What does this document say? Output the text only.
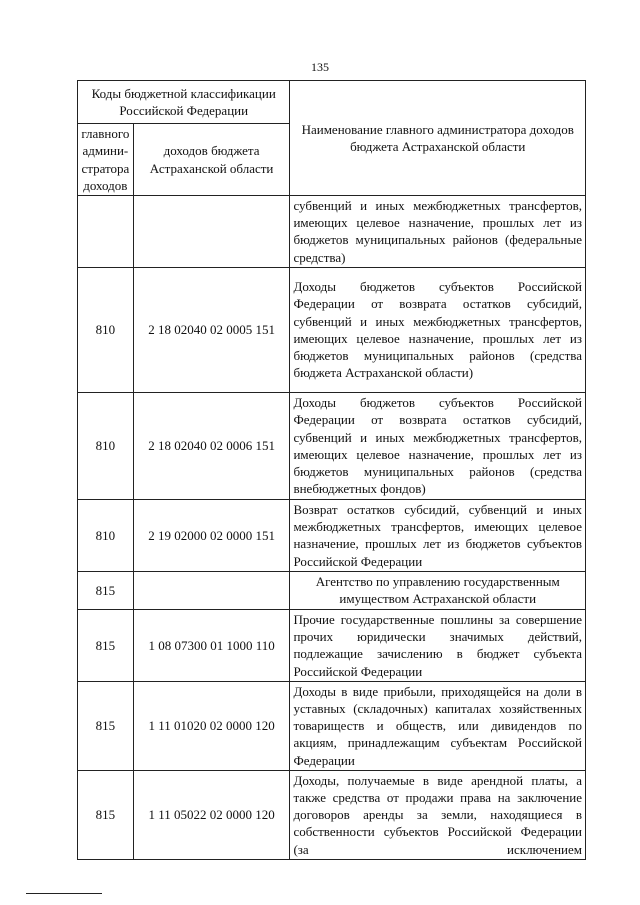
135
Коды бюджетной классификации Российской Федерации		Наименование главного администратора доходов бюджета Астраханской области
главного админи-стратора доходов	доходов бюджета Астраханской области	
		субвенций и иных межбюджетных трансфертов, имеющих целевое назначение, прошлых лет из бюджетов муниципальных районов (федеральные средства)
810	2 18 02040 02 0005 151	Доходы бюджетов субъектов Российской Федерации от возврата остатков субсидий, субвенций и иных межбюджетных трансфертов, имеющих целевое назначение, прошлых лет из бюджетов муниципальных районов (средства бюджета Астраханской области)
810	2 18 02040 02 0006 151	Доходы бюджетов субъектов Российской Федерации от возврата остатков субсидий, субвенций и иных межбюджетных трансфертов, имеющих целевое назначение, прошлых лет из бюджетов муниципальных районов (средства внебюджетных фондов)
810	2 19 02000 02 0000 151	Возврат остатков субсидий, субвенций и иных межбюджетных трансфертов, имеющих целевое назначение, прошлых лет из бюджетов субъектов Российской Федерации
815		Агентство по управлению государственным имуществом Астраханской области
815	1 08 07300 01 1000 110	Прочие государственные пошлины за совершение прочих юридически значимых действий, подлежащие зачислению в бюджет субъекта Российской Федерации
815	1 11 01020 02 0000 120	Доходы в виде прибыли, приходящейся на доли в уставных (складочных) капиталах хозяйственных товариществ и обществ, или дивидендов по акциям, принадлежащим субъектам Российской Федерации
815	1 11 05022 02 0000 120	Доходы, получаемые в виде арендной платы, а также средства от продажи права на заключение договоров аренды за земли, находящиеся в собственности субъектов Российской Федерации (за исключением
